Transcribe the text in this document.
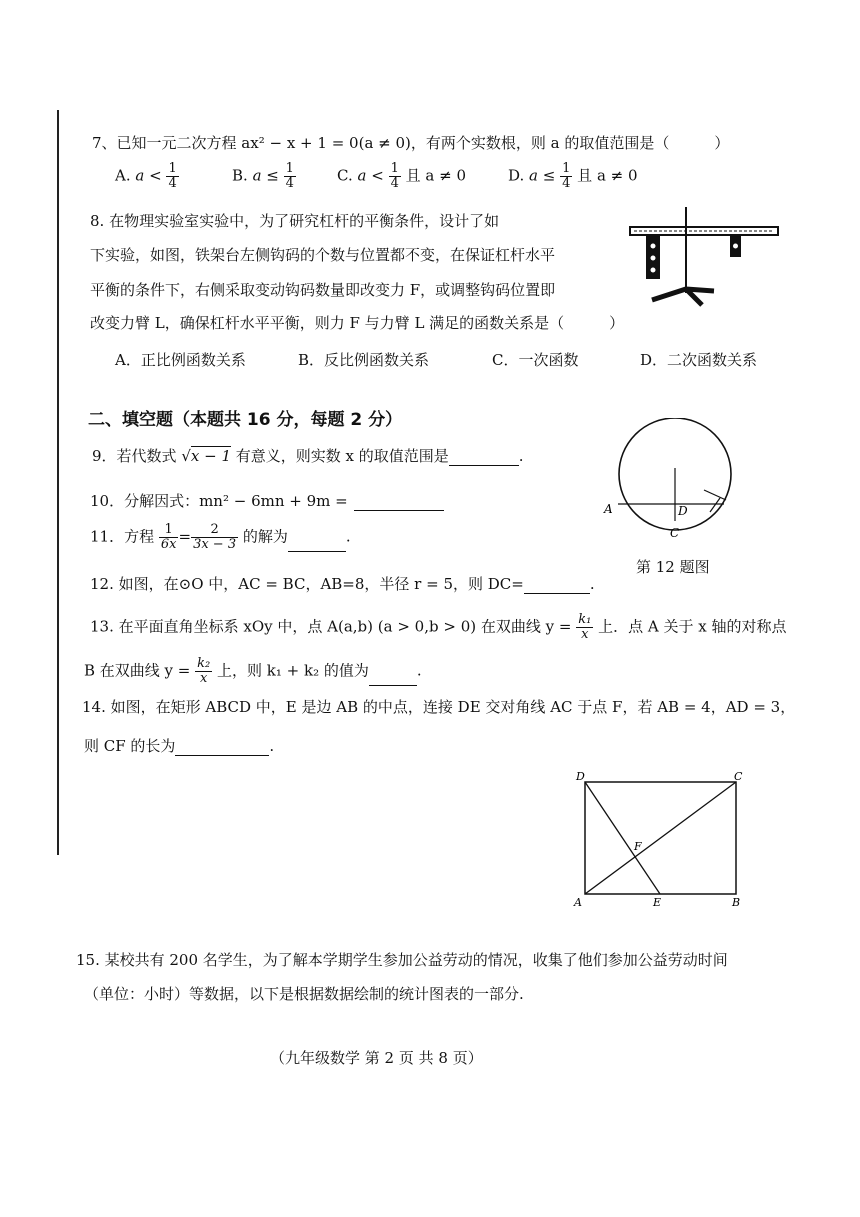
7、已知一元二次方程 ax² − x + 1 = 0(a ≠ 0)，有两个实数根，则 a 的取值范围是（　　　）
A. $a < \frac{1}{4}$	B. $a \le \frac{1}{4}$	C. $a < \frac{1}{4}$ 且 a ≠ 0	D. $a \le \frac{1}{4}$ 且 a ≠ 0
8. 在物理实验室实验中，为了研究杠杆的平衡条件，设计了如
下实验，如图，铁架台左侧钩码的个数与位置都不变，在保证杠杆水平
平衡的条件下，右侧采取变动钩码数量即改变力 F，或调整钩码位置即
改变力臂 L，确保杠杆水平平衡，则力 F 与力臂 L 满足的函数关系是（　　　）
A．正比例函数关系	B．反比例函数关系	C．一次函数	D．二次函数关系
二、填空题（本题共 16 分，每题 2 分）
9．若代数式 √x − 1 有意义，则实数 x 的取值范围是	.
10．分解因式：mn² − 6mn + 9m =
11．方程 $\frac{1}{6x} = \frac{2}{3x - 3}$ 的解为	.
12. 如图，在⊙O 中，AC = BC，AB=8，半径 r = 5，则 DC=	.
A	D
C
第 12 题图
13. 在平面直角坐标系 xOy 中，点 A(a,b) (a > 0,b > 0) 在双曲线 $y = \frac{\text{k₁}}{x}$ 上．点 A 关于 x 轴的对称点
B 在双曲线 $y = \frac{\text{k₂}}{x}$ 上，则 k₁ + k₂ 的值为	.
14. 如图，在矩形 ABCD 中，E 是边 AB 的中点，连接 DE 交对角线 AC 于点 F，若 AB = 4，AD = 3，
则 CF 的长为	.
D	C
A	E	B
F
15. 某校共有 200 名学生，为了解本学期学生参加公益劳动的情况，收集了他们参加公益劳动时间
（单位：小时）等数据，以下是根据数据绘制的统计图表的一部分.
（九年级数学 第 2 页 共 8 页）
